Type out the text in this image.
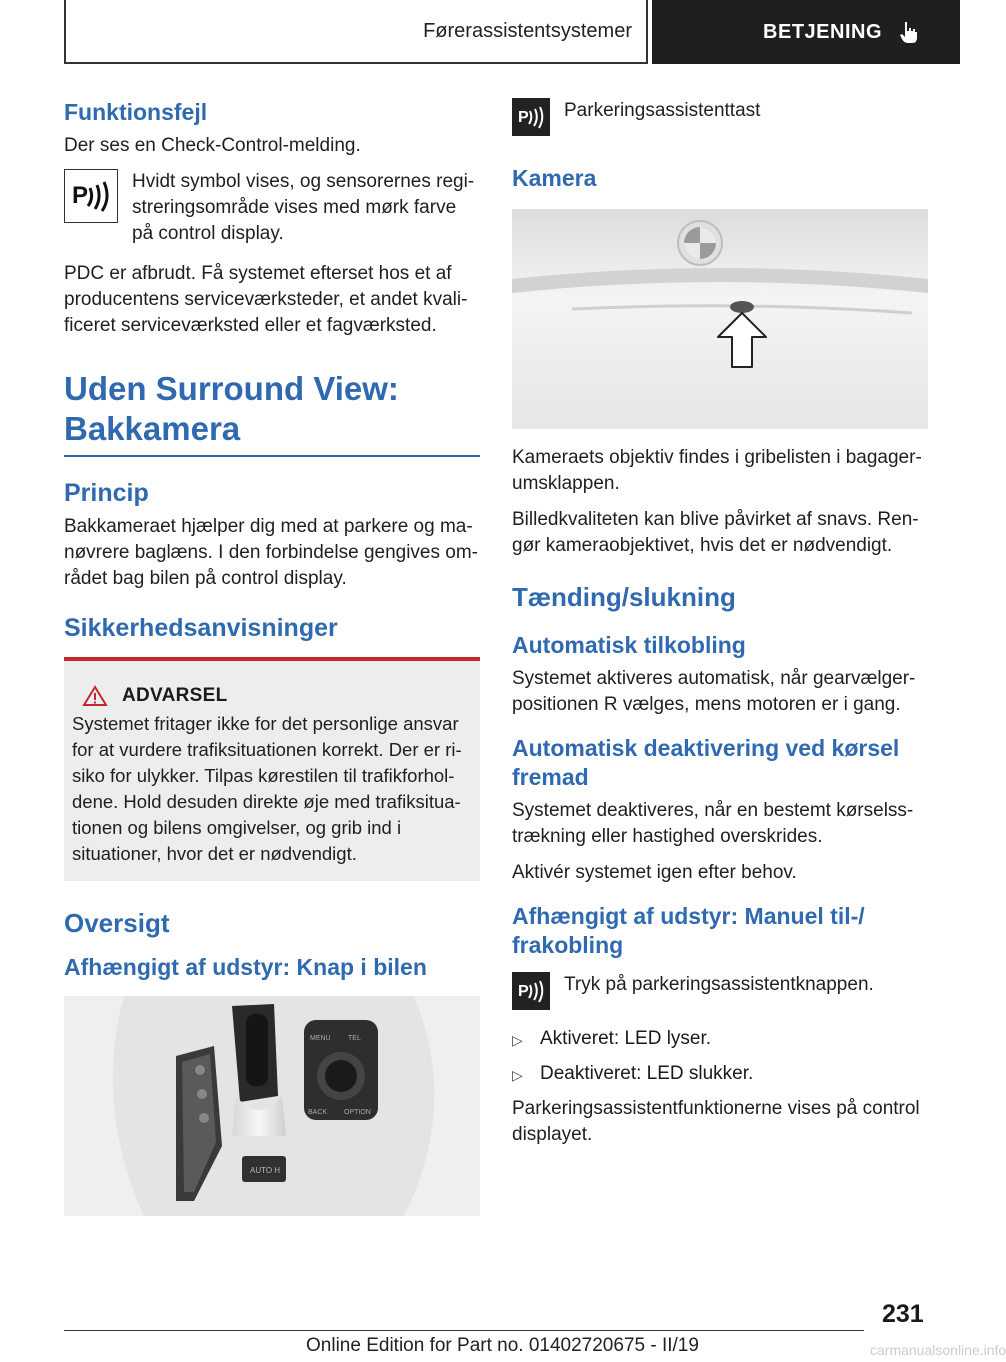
Førerassistentsystemer	BETJENING
Funktionsfejl

Der ses en Check-Control-melding.

P

Hvidt symbol vises, og sensorernes regi-streringsområde vises med mørk farve på control display.

PDC er afbrudt. Få systemet efterset hos et af producentens serviceværksteder, et andet kvali-ficeret serviceværksted eller et fagværksted.

Uden Surround View:
Bakkamera
Princip

Bakkameraet hjælper dig med at parkere og ma-nøvrere baglæns. I den forbindelse gengives om-rådet bag bilen på control display.

Sikkerhedsanvisninger
ADVARSEL

Systemet fritager ikke for det personlige ansvar for at vurdere trafiksituationen korrekt. Der er ri-siko for ulykker. Tilpas kørestilen til trafikforhol-dene. Hold desuden direkte øje med trafiksitua-tionen og bilens omgivelser, og grib ind i situationer, hvor det er nødvendigt.

Oversigt
Afhængigt af udstyr: Knap i bilen
AUTO H
MENU TEL
BACK OPTION
P Parkeringsassistenttast

Kamera

Kameraets objektiv findes i gribelisten i bagager-umsklappen.

Billedkvaliteten kan blive påvirket af snavs. Ren-gør kameraobjektivet, hvis det er nødvendigt.

Tænding/slukning
Automatisk tilkobling

Systemet aktiveres automatisk, når gearvælger-positionen R vælges, mens motoren er i gang.

Automatisk deaktivering ved kørsel fremad

Systemet deaktiveres, når en bestemt kørselss-trækning eller hastighed overskrides.

Aktivér systemet igen efter behov.

Afhængigt af udstyr: Manuel til-/ frakobling
P Tryk på parkeringsassistentknappen.

▷ Aktiveret: LED lyser.
▷ Deaktiveret: LED slukker.

Parkeringsassistentfunktionerne vises på control displayet.

231
Online Edition for Part no. 01402720675 - II/19	carmanualsonline.info
